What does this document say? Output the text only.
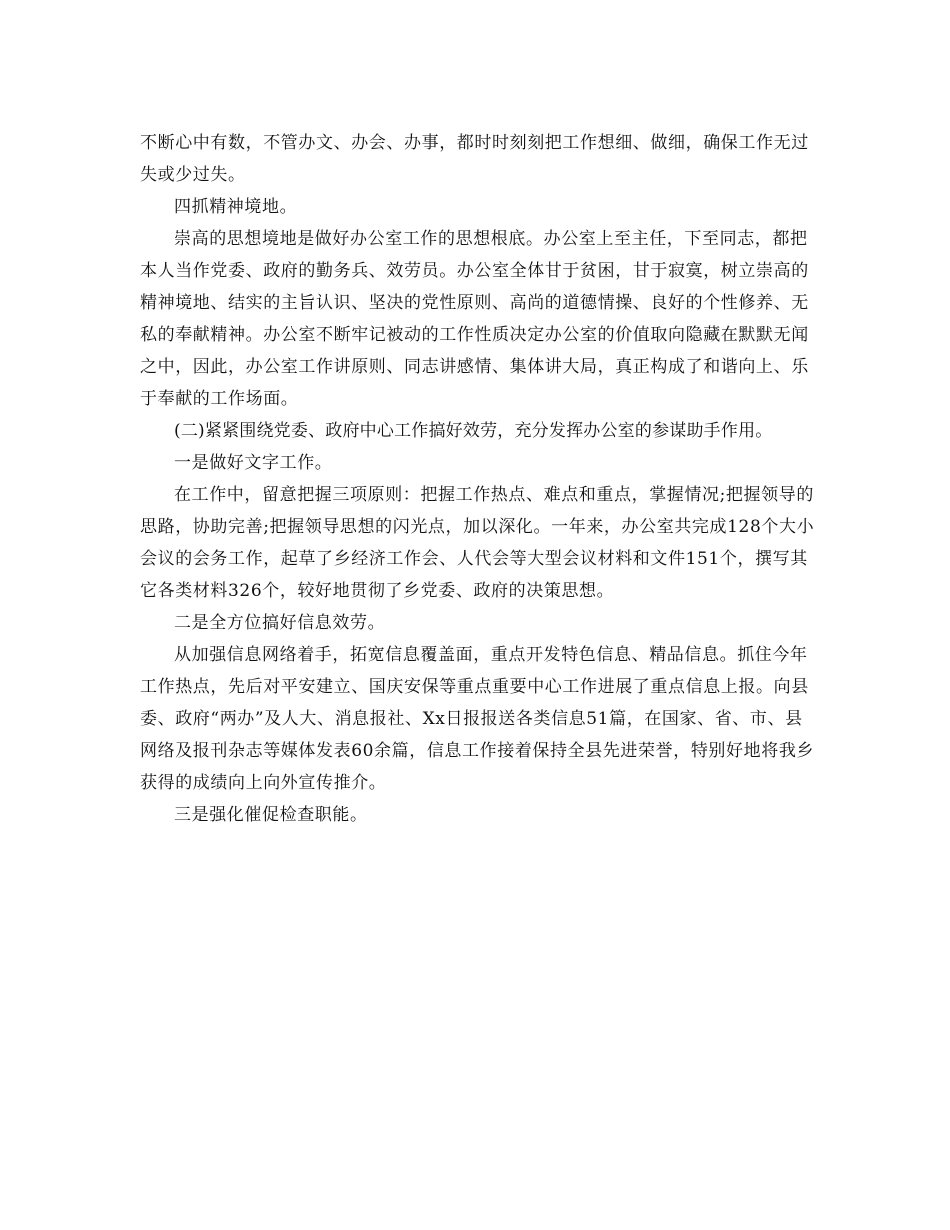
不断心中有数，不管办文、办会、办事，都时时刻刻把工作想细、做细，确保工作无过失或少过失。

四抓精神境地。

崇高的思想境地是做好办公室工作的思想根底。办公室上至主任，下至同志，都把本人当作党委、政府的勤务兵、效劳员。办公室全体甘于贫困，甘于寂寞，树立崇高的精神境地、结实的主旨认识、坚决的党性原则、高尚的道德情操、良好的个性修养、无私的奉献精神。办公室不断牢记被动的工作性质决定办公室的价值取向隐藏在默默无闻之中，因此，办公室工作讲原则、同志讲感情、集体讲大局，真正构成了和谐向上、乐于奉献的工作场面。

(二)紧紧围绕党委、政府中心工作搞好效劳，充分发挥办公室的参谋助手作用。

一是做好文字工作。

在工作中，留意把握三项原则：把握工作热点、难点和重点，掌握情况;把握领导的思路，协助完善;把握领导思想的闪光点，加以深化。一年来，办公室共完成128个大小会议的会务工作，起草了乡经济工作会、人代会等大型会议材料和文件151个，撰写其它各类材料326个，较好地贯彻了乡党委、政府的决策思想。

二是全方位搞好信息效劳。

从加强信息网络着手，拓宽信息覆盖面，重点开发特色信息、精品信息。抓住今年工作热点，先后对平安建立、国庆安保等重点重要中心工作进展了重点信息上报。向县委、政府“两办”及人大、消息报社、Xx日报报送各类信息51篇，在国家、省、市、县网络及报刊杂志等媒体发表60余篇，信息工作接着保持全县先进荣誉，特别好地将我乡获得的成绩向上向外宣传推介。

三是强化催促检查职能。
